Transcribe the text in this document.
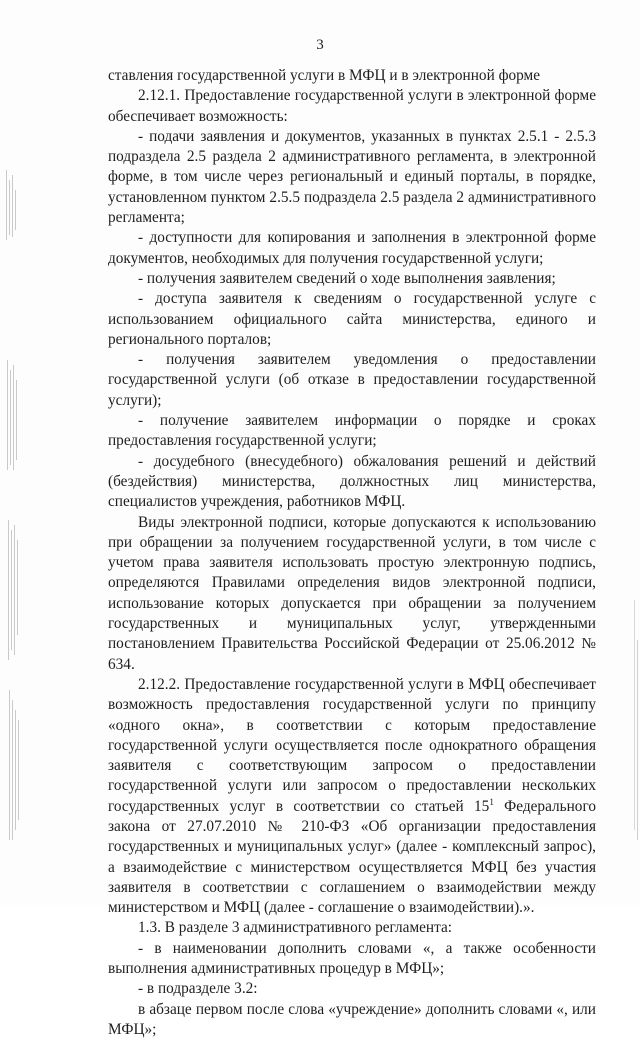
3

ставления государственной услуги в МФЦ и в электронной форме

2.12.1. Предоставление государственной услуги в электронной форме обеспечивает возможность:

- подачи заявления и документов, указанных в пунктах 2.5.1 - 2.5.3 подраздела 2.5 раздела 2 административного регламента, в электронной форме, в том числе через региональный и единый порталы, в порядке, установленном пунктом 2.5.5 подраздела 2.5 раздела 2 административного регламента;

- доступности для копирования и заполнения в электронной форме документов, необходимых для получения государственной услуги;

- получения заявителем сведений о ходе выполнения заявления;

- доступа заявителя к сведениям о государственной услуге с использованием официального сайта министерства, единого и регионального порталов;

- получения заявителем уведомления о предоставлении государственной услуги (об отказе в предоставлении государственной услуги);

- получение заявителем информации о порядке и сроках предоставления государственной услуги;

- досудебного (внесудебного) обжалования решений и действий (бездействия) министерства, должностных лиц министерства, специалистов учреждения, работников МФЦ.

Виды электронной подписи, которые допускаются к использованию при обращении за получением государственной услуги, в том числе с учетом права заявителя использовать простую электронную подпись, определяются Правилами определения видов электронной подписи, использование которых допускается при обращении за получением государственных и муниципальных услуг, утвержденными постановлением Правительства Российской Федерации от 25.06.2012 № 634.

2.12.2. Предоставление государственной услуги в МФЦ обеспечивает возможность предоставления государственной услуги по принципу «одного окна», в соответствии с которым предоставление государственной услуги осуществляется после однократного обращения заявителя с соответствующим запросом о предоставлении государственной услуги или запросом о предоставлении нескольких государственных услуг в соответствии со статьей $15^1$ Федерального закона от 27.07.2010 № 210-ФЗ «Об организации предоставления государственных и муниципальных услуг» (далее - комплексный запрос), а взаимодействие с министерством осуществляется МФЦ без участия заявителя в соответствии с соглашением о взаимодействии между министерством и МФЦ (далее - соглашение о взаимодействии).».

1.3. В разделе 3 административного регламента:

- в наименовании дополнить словами «, а также особенности выполнения административных процедур в МФЦ»;

- в подразделе 3.2:

в абзаце первом после слова «учреждение» дополнить словами «, или МФЦ»;
